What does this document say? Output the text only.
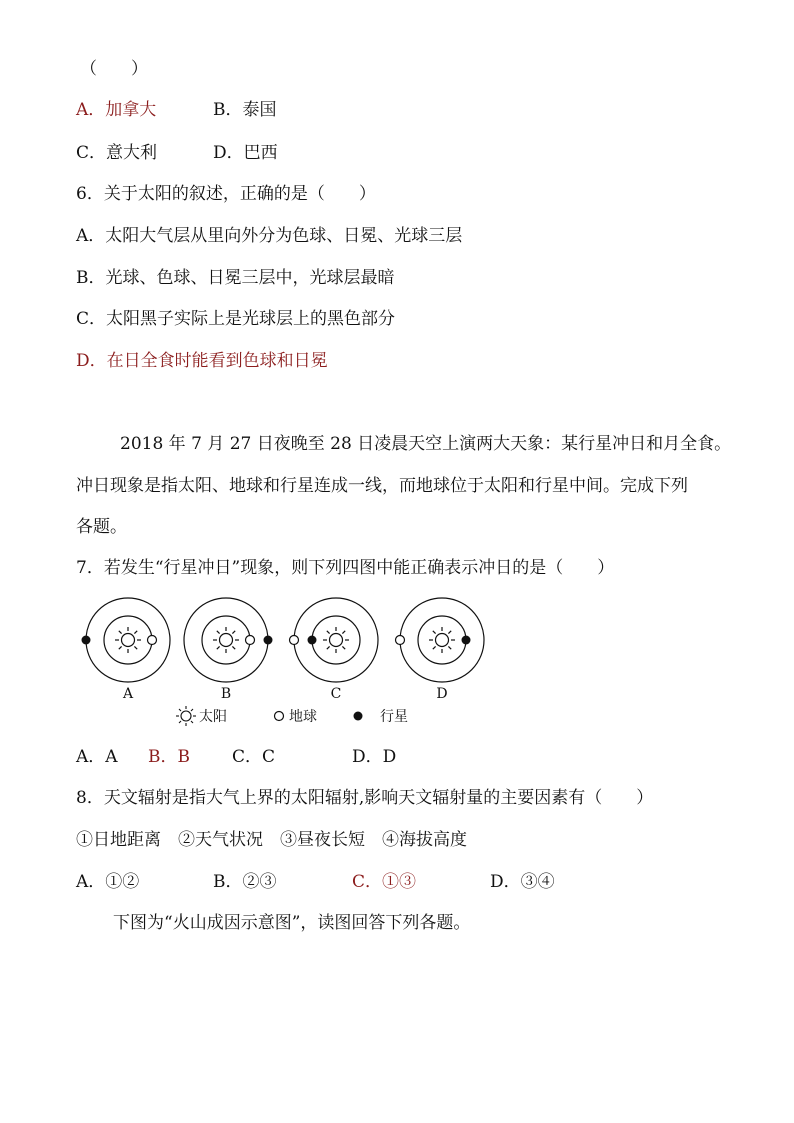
（　　）
A．加拿大	B．泰国
C．意大利	D．巴西
6．关于太阳的叙述，正确的是（　　）
A．太阳大气层从里向外分为色球、日冕、光球三层
B．光球、色球、日冕三层中，光球层最暗
C．太阳黑子实际上是光球层上的黑色部分
D．在日全食时能看到色球和日冕
2018 年 7 月 27 日夜晚至 28 日凌晨天空上演两大天象：某行星冲日和月全食。
冲日现象是指太阳、地球和行星连成一线，而地球位于太阳和行星中间。完成下列
各题。
7．若发生“行星冲日”现象，则下列四图中能正确表示冲日的是（　　）
A	B	C	D
太阳	地球	行星
A．A B．B C．C	D．D
8．天文辐射是指大气上界的太阳辐射,影响天文辐射量的主要因素有（　　）
①日地距离　②天气状况　③昼夜长短　④海拔高度
A．①②	B．②③	C．①③	D．③④
下图为“火山成因示意图”，读图回答下列各题。
